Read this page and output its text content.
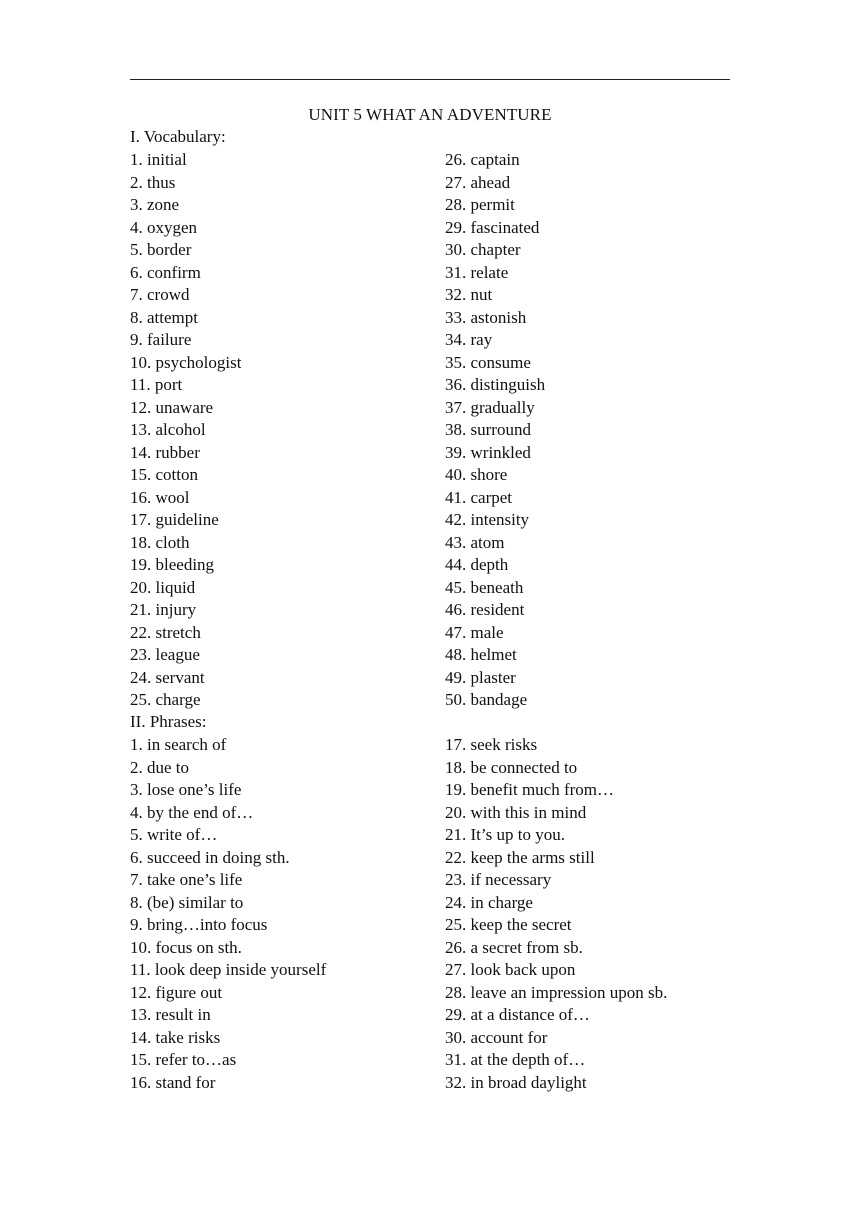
UNIT 5 WHAT AN ADVENTURE
I. Vocabulary:
1. initial
2. thus
3. zone
4. oxygen
5. border
6. confirm
7. crowd
8. attempt
9. failure
10. psychologist
11. port
12. unaware
13. alcohol
14. rubber
15. cotton
16. wool
17. guideline
18. cloth
19. bleeding
20. liquid
21. injury
22. stretch
23. league
24. servant
25. charge
26. captain
27. ahead
28. permit
29. fascinated
30. chapter
31. relate
32. nut
33. astonish
34. ray
35. consume
36. distinguish
37. gradually
38. surround
39. wrinkled
40. shore
41. carpet
42. intensity
43. atom
44. depth
45. beneath
46. resident
47. male
48. helmet
49. plaster
50. bandage
II. Phrases:
1. in search of
2. due to
3. lose one’s life
4. by the end of…
5. write of…
6. succeed in doing sth.
7. take one’s life
8. (be) similar to
9. bring…into focus
10. focus on sth.
11. look deep inside yourself
12. figure out
13. result in
14. take risks
15. refer to…as
16. stand for
17. seek risks
18. be connected to
19. benefit much from…
20. with this in mind
21. It’s up to you.
22. keep the arms still
23. if necessary
24. in charge
25. keep the secret
26. a secret from sb.
27. look back upon
28. leave an impression upon sb.
29. at a distance of…
30. account for
31. at the depth of…
32. in broad daylight
